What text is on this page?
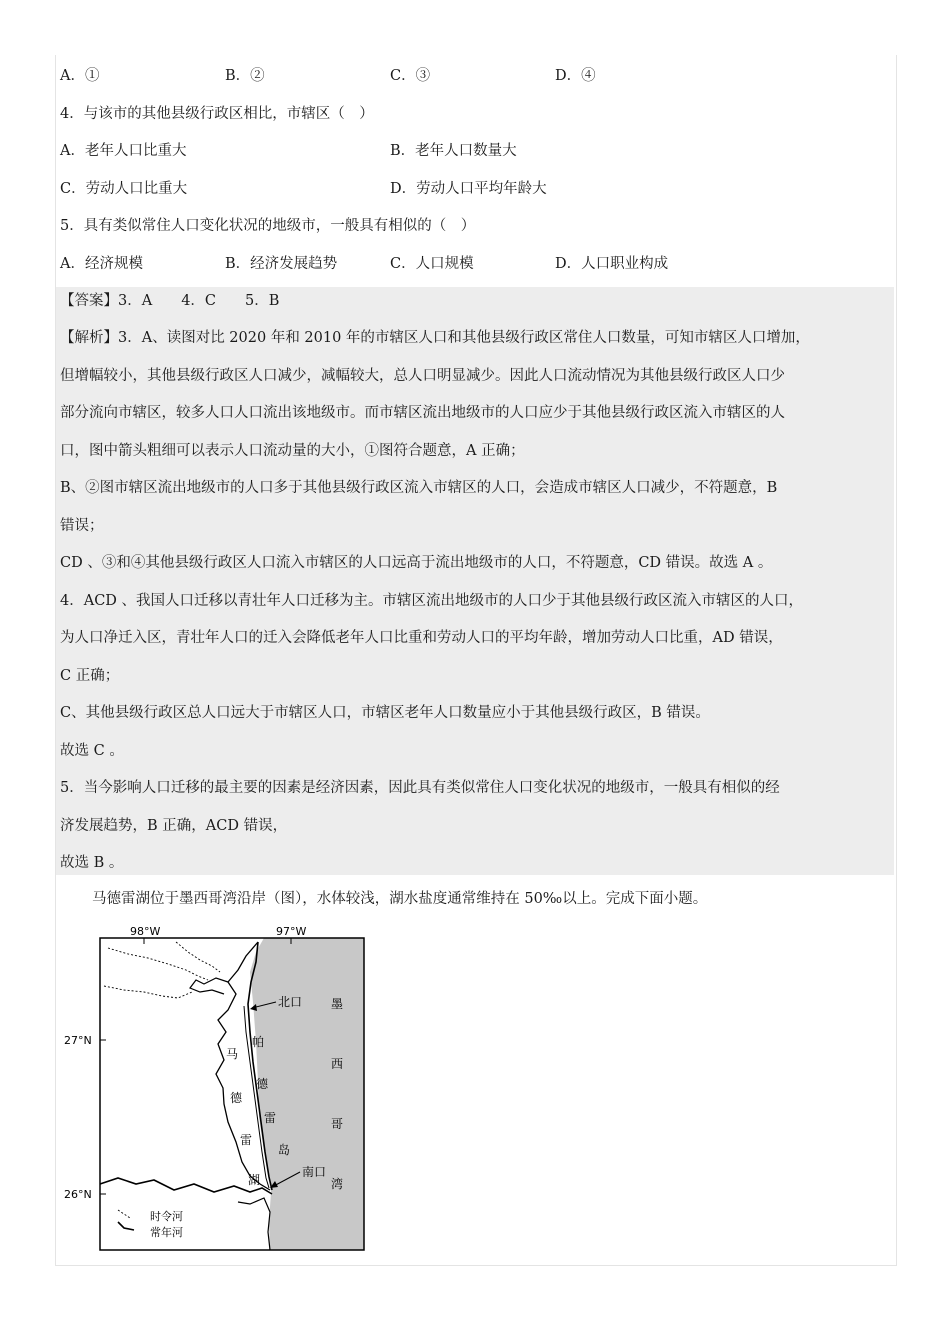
A．①	B．②	C．③	D．④
4．与该市的其他县级行政区相比，市辖区（　）
A．老年人口比重大	B．老年人口数量大
C．劳动人口比重大	D．劳动人口平均年龄大
5．具有类似常住人口变化状况的地级市，一般具有相似的（　）
A．经济规模	B．经济发展趋势	C．人口规模	D．人口职业构成
【答案】3．A　　4．C　　5．B
【解析】3．A、读图对比 2020 年和 2010 年的市辖区人口和其他县级行政区常住人口数量，可知市辖区人口增加，
但增幅较小，其他县级行政区人口减少，减幅较大，总人口明显减少。因此人口流动情况为其他县级行政区人口少
部分流向市辖区，较多人口人口流出该地级市。而市辖区流出地级市的人口应少于其他县级行政区流入市辖区的人
口，图中箭头粗细可以表示人口流动量的大小，①图符合题意，A 正确；
B、②图市辖区流出地级市的人口多于其他县级行政区流入市辖区的人口，会造成市辖区人口减少，不符题意，B
错误；
CD 、③和④其他县级行政区人口流入市辖区的人口远高于流出地级市的人口，不符题意，CD 错误。故选 A 。
4．ACD 、我国人口迁移以青壮年人口迁移为主。市辖区流出地级市的人口少于其他县级行政区流入市辖区的人口，
为人口净迁入区，青壮年人口的迁入会降低老年人口比重和劳动人口的平均年龄，增加劳动人口比重，AD 错误，
C 正确；
C、其他县级行政区总人口远大于市辖区人口，市辖区老年人口数量应小于其他县级行政区，B 错误。
故选 C 。
5．当今影响人口迁移的最主要的因素是经济因素，因此具有类似常住人口变化状况的地级市，一般具有相似的经
济发展趋势，B 正确，ACD 错误，
故选 B 。
马德雷湖位于墨西哥湾沿岸（图），水体较浅，湖水盐度通常维持在 50‰以上。完成下面小题。
98°W	97°W
27°N
26°N
北口
南口
马
德
雷
湖
帕
德
雷
岛
墨
西
哥
湾
时令河
常年河
